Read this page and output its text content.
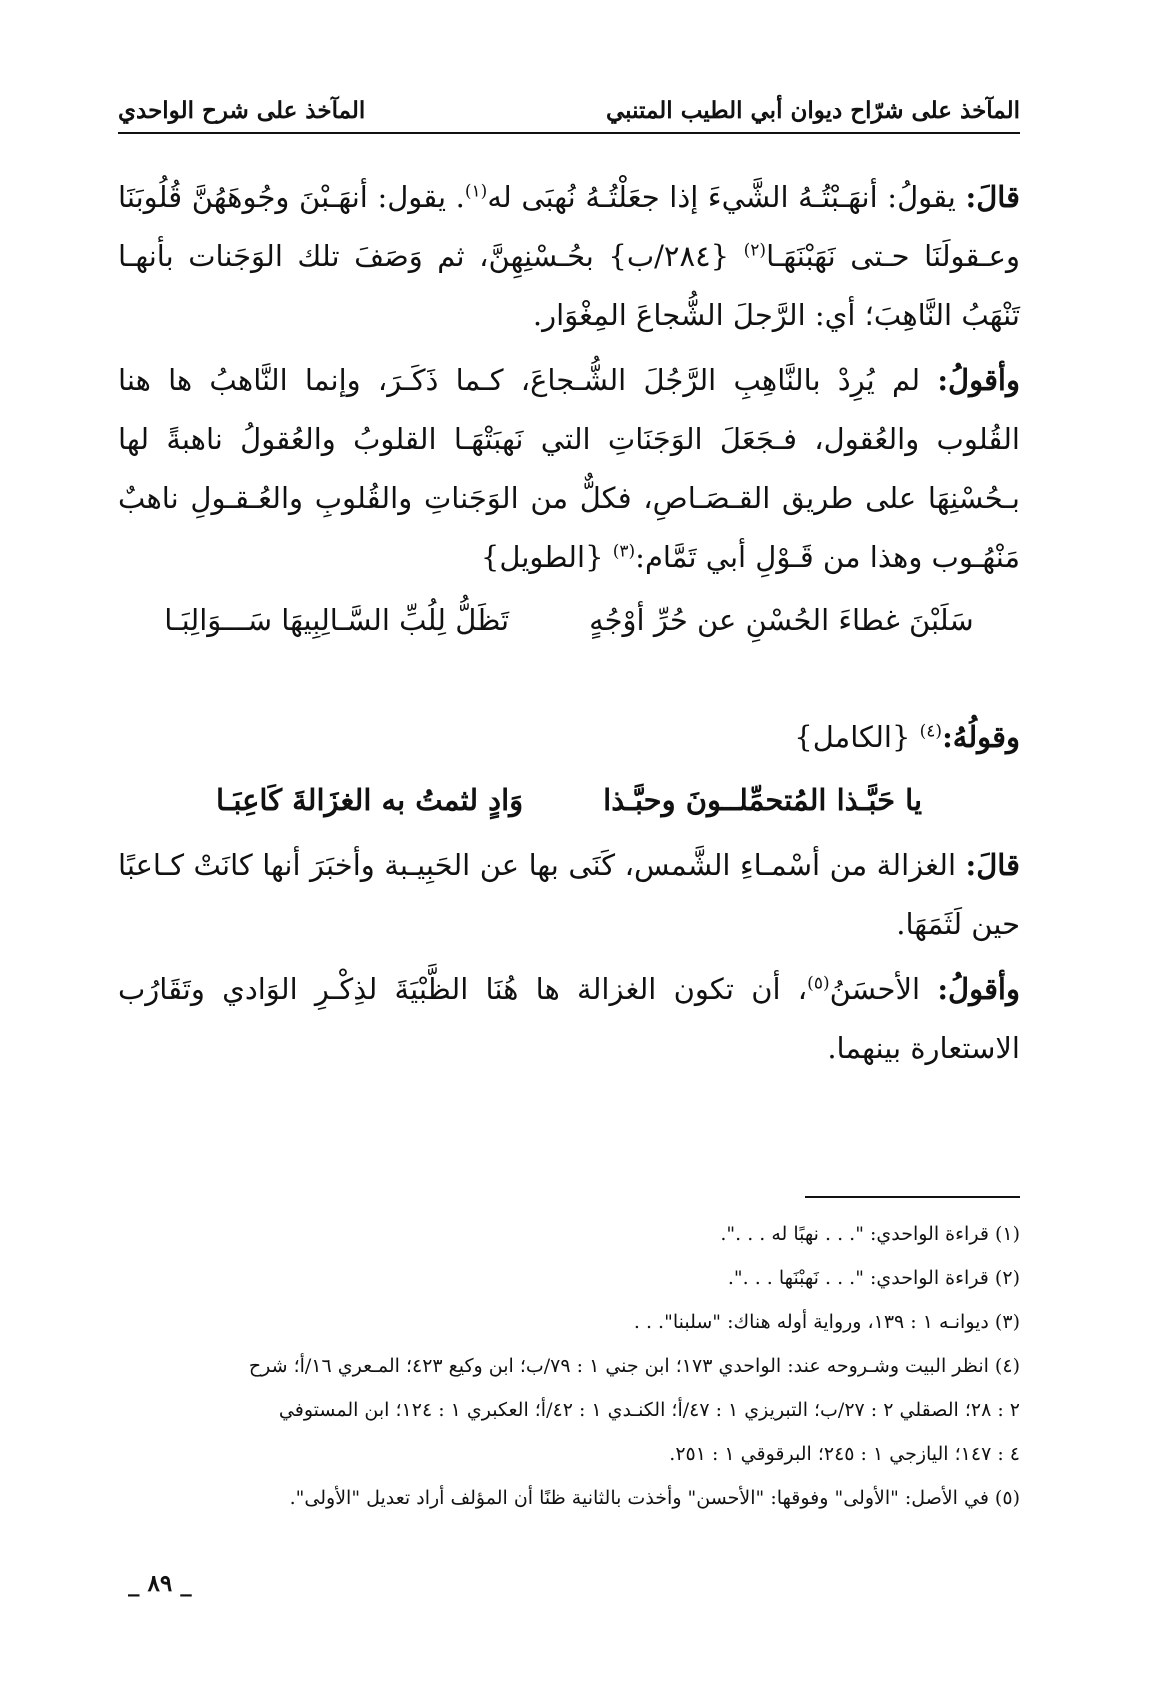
المآخذ على شرّاح ديوان أبي الطيب المتنبي
المآخذ على شرح الواحدي

قالَ: يقولُ: أنهَـبْتُـهُ الشَّيءَ إذا جعَلْتُـهُ نُهبَى له$^{(١)}$. يقول: أنهَـبْنَ وجُوهَهُنَّ قُلُوبَنَا وعـقولَنَا حـتى نَهَبْنَهَـا$^{(٢)}$ {٢٨٤/ب} بحُـسْنِهِنَّ، ثم وَصَفَ تلك الوَجَنات بأنهـا تَنْهَبُ النَّاهِبَ؛ أي: الرَّجلَ الشُّجاعَ المِغْوَار.

وأقولُ: لم يُرِدْ بالنَّاهِبِ الرَّجُلَ الشُّـجاعَ، كـما ذَكَـرَ، وإنما النَّاهبُ ها هنا القُلوب والعُقول، فـجَعَلَ الوَجَنَاتِ التي نَهبَتْهَـا القلوبُ والعُقولُ ناهبةً لها بـحُسْنِهَا على طريق القـصَـاصِ، فكلٌّ من الوَجَناتِ والقُلوبِ والعُـقـولِ ناهبٌ مَنْهُـوب وهذا من قَـوْلِ أبي تَمَّام:$^{(٣)}$ {الطويل}

سَلَبْنَ غطاءَ الحُسْنِ عن حُرِّ أوْجُهٍ
تَظَلُّ لِلُبِّ السَّـالِبِيهَا سَـــوَالِبَـا

وقولُهُ:$^{(٤)}$ {الكامل}

يا حَبَّـذا المُتحمِّلــونَ وحبَّـذا
وَادٍ لثمتُ به الغزَالةَ كَاعِبَـا

قالَ: الغزالة من أسْمـاءِ الشَّمس، كَنَى بها عن الحَبِيـبة وأخبَرَ أنها كانَتْ كـاعبًا حين لَثَمَهَا.

وأقولُ: الأحسَنُ$^{(٥)}$، أن تكون الغزالة ها هُنَا الظَّبْيَةَ لذِكْـرِ الوَادي وتَقَارُب الاستعارة بينهما.

(١) قراءة الواحدي: ". . . نهبًا له . . .".

(٢) قراءة الواحدي: ". . . نَهبْنَها . . .".

(٣) ديوانـه ١ : ١٣٩، ورواية أوله هناك: "سلبنا". . .

(٤) انظر البيت وشـروحه عند: الواحدي ١٧٣؛ ابن جني ١ : ٧٩/ب؛ ابن وكيع ٤٢٣؛ المـعري ١٦/أ؛ شرح

٢ : ٢٨؛ الصقلي ٢ : ٢٧/ب؛ التبريزي ١ : ٤٧/أ؛ الكنـدي ١ : ٤٢/أ؛ العكبري ١ : ١٢٤؛ ابن المستوفي

٤ : ١٤٧؛ اليازجي ١ : ٢٤٥؛ البرقوقي ١ : ٢٥١.

(٥) في الأصل: "الأولى" وفوقها: "الأحسن" وأخذت بالثانية ظنًا أن المؤلف أراد تعديل "الأولى".

_ ٨٩ _
